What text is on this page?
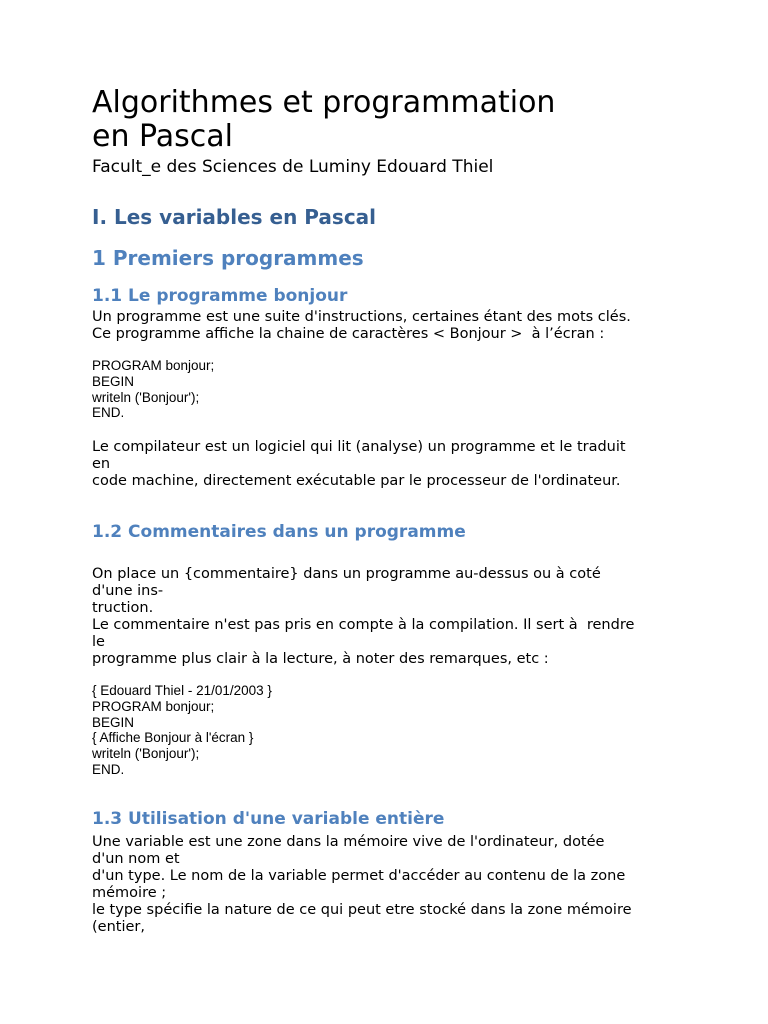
Algorithmes et programmation
en Pascal

Facult_e des Sciences de Luminy Edouard Thiel

I. Les variables en Pascal
1 Premiers programmes
1.1 Le programme bonjour
Un programme est une suite d'instructions, certaines étant des mots clés.
Ce programme affiche la chaine de caractères < Bonjour >  à l’écran :
PROGRAM bonjour;
BEGIN
writeln ('Bonjour');
END.
Le compilateur est un logiciel qui lit (analyse) un programme et le traduit
en
code machine, directement exécutable par le processeur de l'ordinateur.
1.2 Commentaires dans un programme
On place un {commentaire} dans un programme au-dessus ou à coté
d'une ins-
truction.
Le commentaire n'est pas pris en compte à la compilation. Il sert à  rendre
le
programme plus clair à la lecture, à noter des remarques, etc :
{ Edouard Thiel - 21/01/2003 }
PROGRAM bonjour;
BEGIN
{ Affiche Bonjour à l'écran }
writeln ('Bonjour');
END.
1.3 Utilisation d'une variable entière
Une variable est une zone dans la mémoire vive de l'ordinateur, dotée
d'un nom et
d'un type. Le nom de la variable permet d'accéder au contenu de la zone
mémoire ;
le type spécifie la nature de ce qui peut etre stocké dans la zone mémoire
(entier,
